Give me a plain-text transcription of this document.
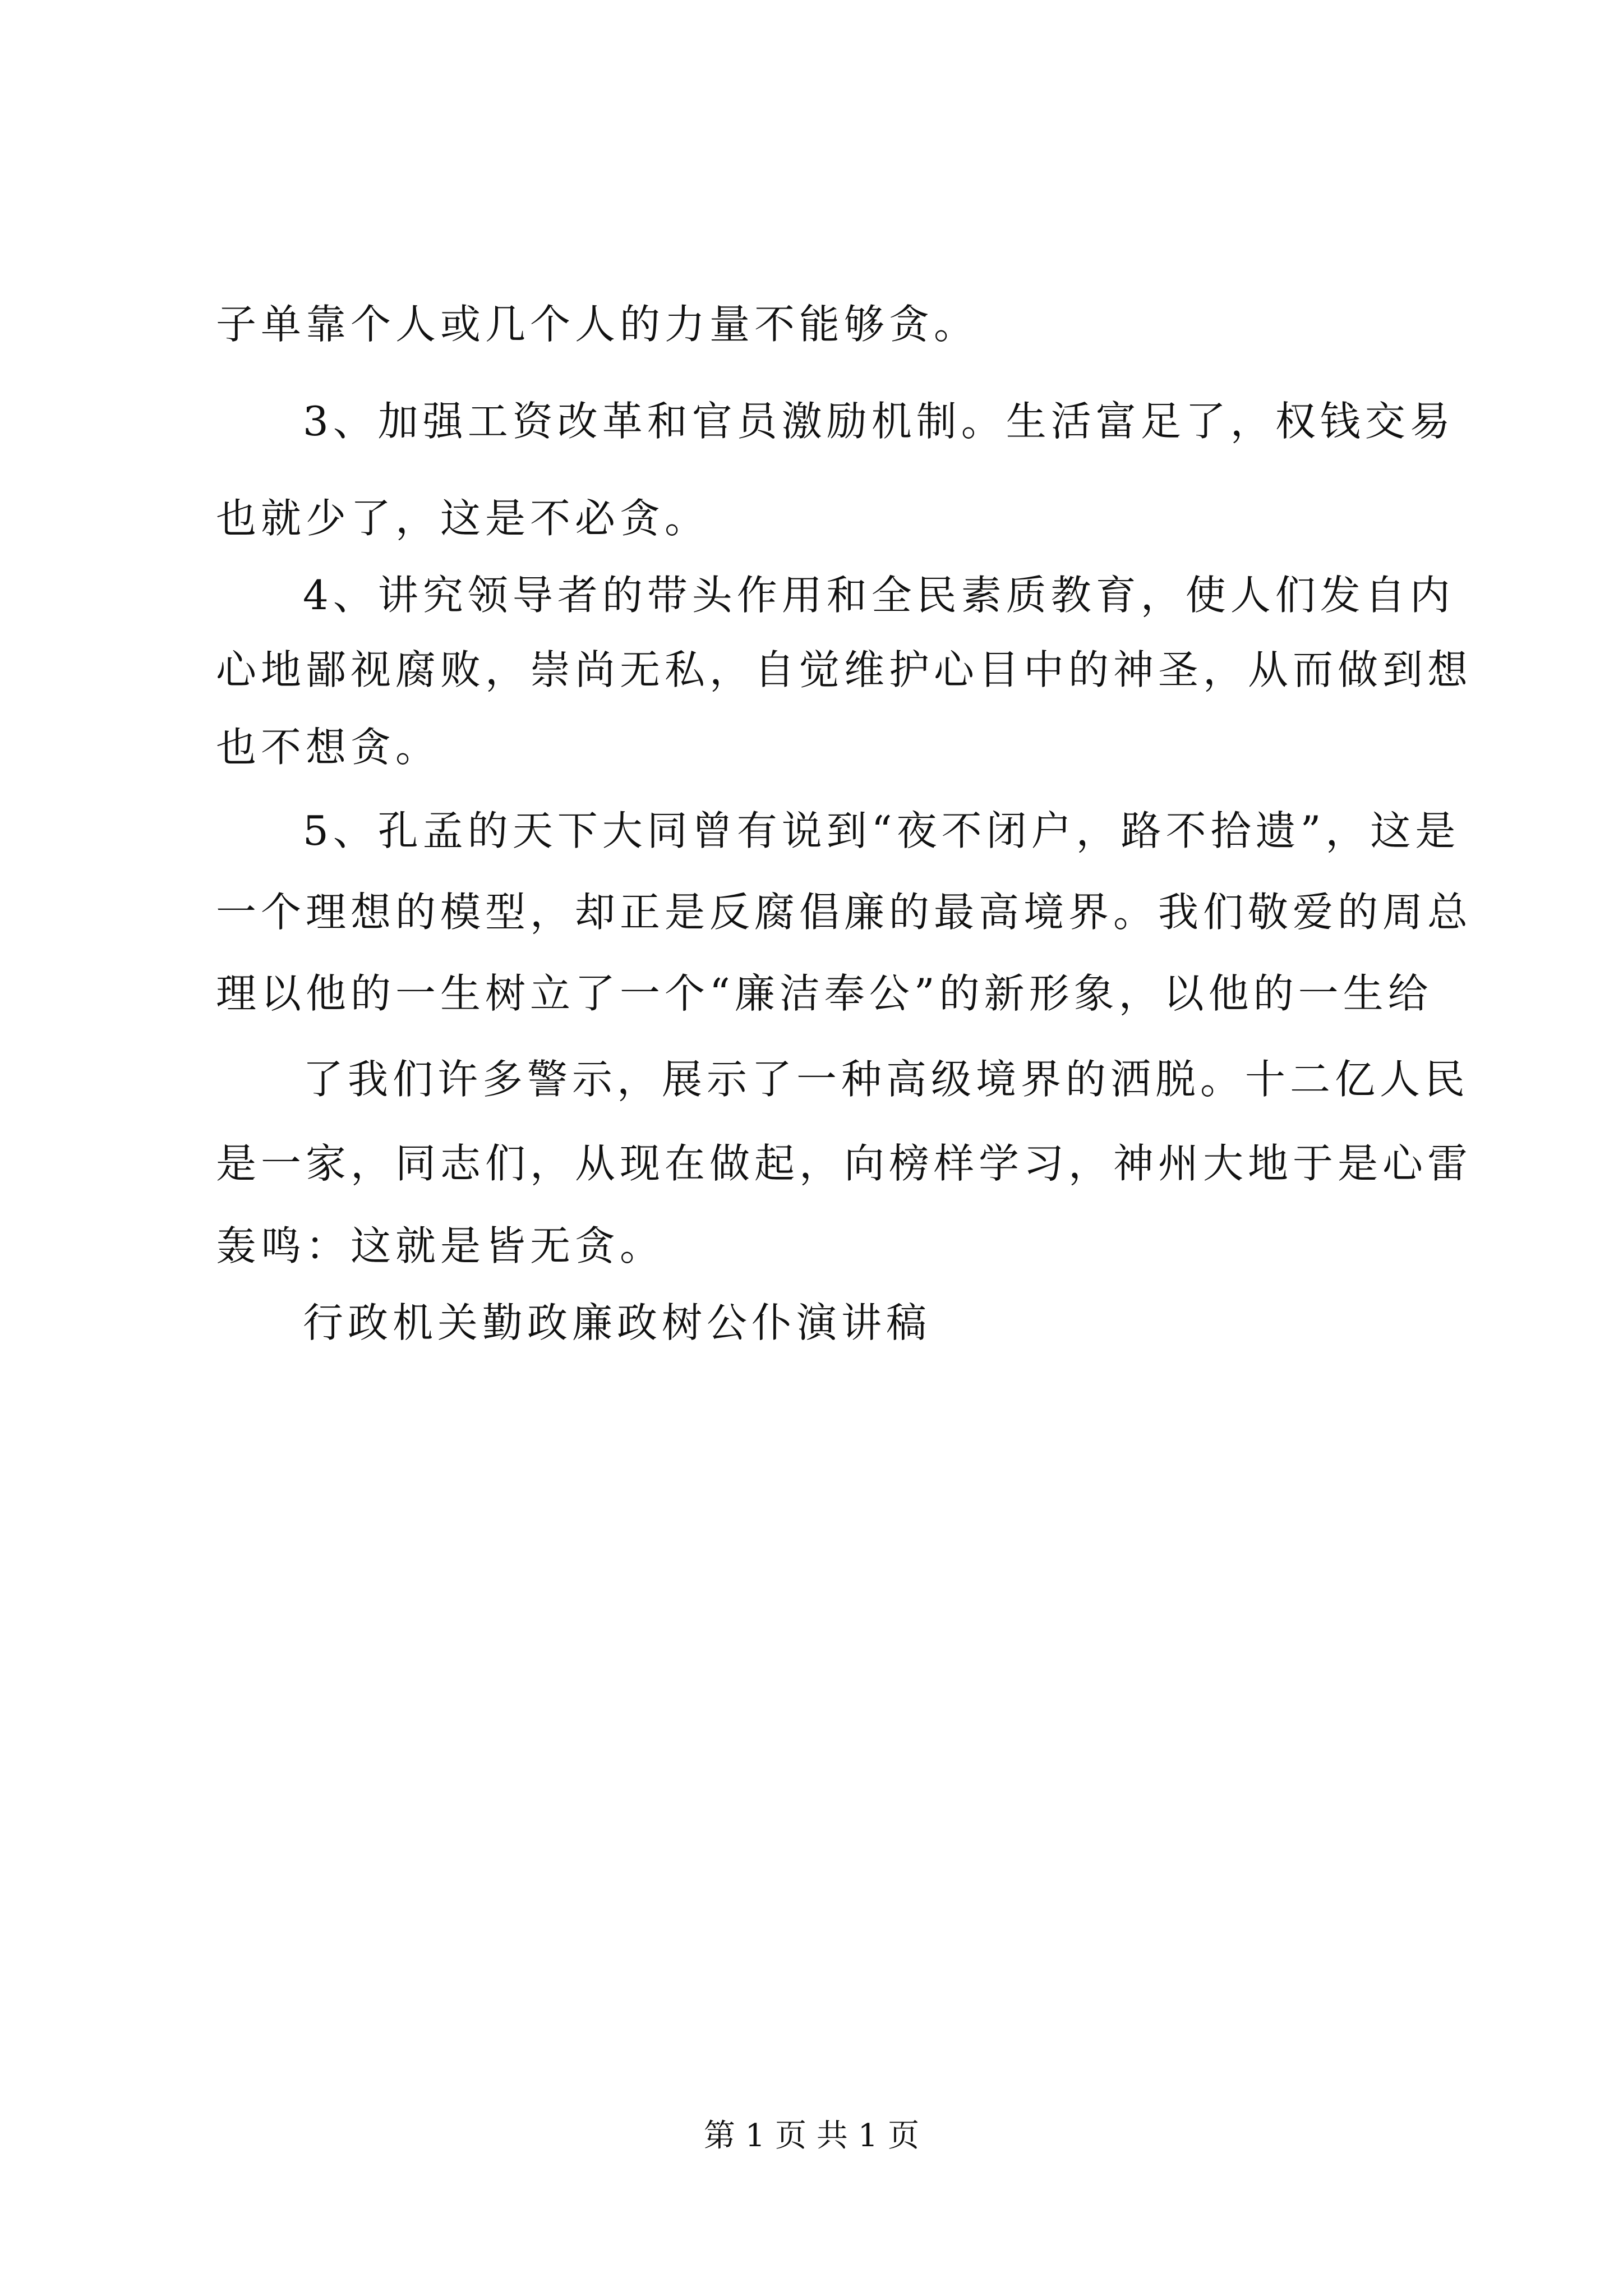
子单靠个人或几个人的力量不能够贪。

3、加强工资改革和官员激励机制。生活富足了，权钱交易

也就少了，这是不必贪。

4、讲究领导者的带头作用和全民素质教育，使人们发自内

心地鄙视腐败，崇尚无私，自觉维护心目中的神圣，从而做到想

也不想贪。

5、孔孟的天下大同曾有说到“夜不闭户，路不拾遗”，这是

一个理想的模型，却正是反腐倡廉的最高境界。我们敬爱的周总

理以他的一生树立了一个“廉洁奉公”的新形象，以他的一生给

了我们许多警示，展示了一种高级境界的洒脱。十二亿人民

是一家，同志们，从现在做起，向榜样学习，神州大地于是心雷

轰鸣：这就是皆无贪。

行政机关勤政廉政树公仆演讲稿

第 1 页 共 1 页
